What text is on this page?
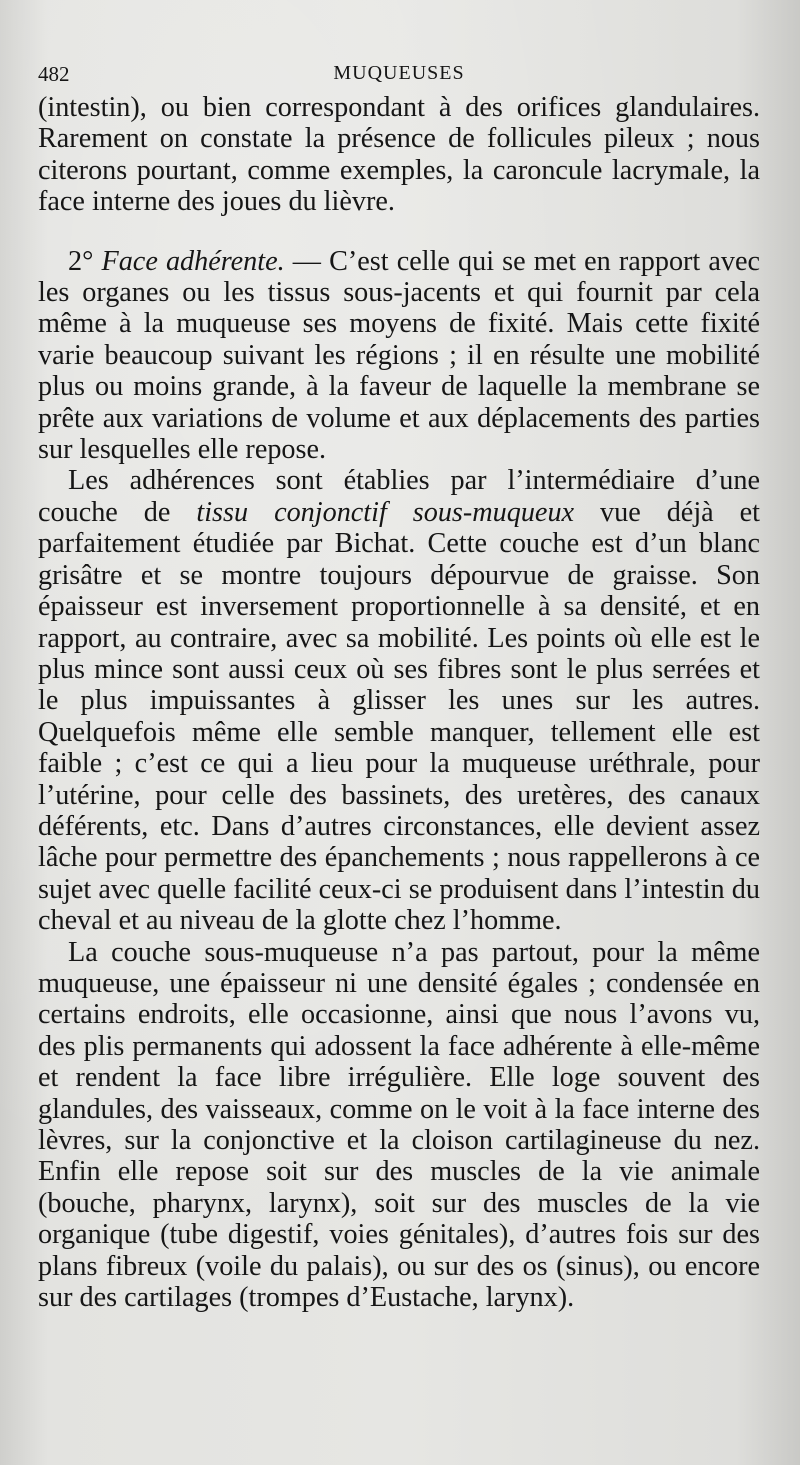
482	MUQUEUSES

(intestin), ou bien correspondant à des orifices glandulaires. Rarement on constate la présence de follicules pileux ; nous citerons pourtant, comme exemples, la caroncule lacrymale, la face interne des joues du lièvre.

2° Face adhérente. — C’est celle qui se met en rapport avec les organes ou les tissus sous-jacents et qui fournit par cela même à la muqueuse ses moyens de fixité. Mais cette fixité varie beaucoup suivant les régions ; il en résulte une mobilité plus ou moins grande, à la faveur de laquelle la membrane se prête aux variations de volume et aux déplacements des parties sur lesquelles elle repose.

Les adhérences sont établies par l’intermédiaire d’une couche de tissu conjonctif sous-muqueux vue déjà et parfaitement étudiée par Bichat. Cette couche est d’un blanc grisâtre et se montre toujours dépourvue de graisse. Son épaisseur est inversement proportionnelle à sa densité, et en rapport, au contraire, avec sa mobilité. Les points où elle est le plus mince sont aussi ceux où ses fibres sont le plus serrées et le plus impuissantes à glisser les unes sur les autres. Quelquefois même elle semble manquer, tellement elle est faible ; c’est ce qui a lieu pour la muqueuse uréthrale, pour l’utérine, pour celle des bassinets, des uretères, des canaux déférents, etc. Dans d’autres circonstances, elle devient assez lâche pour permettre des épanchements ; nous rappellerons à ce sujet avec quelle facilité ceux-ci se produisent dans l’intestin du cheval et au niveau de la glotte chez l’homme.

La couche sous-muqueuse n’a pas partout, pour la même muqueuse, une épaisseur ni une densité égales ; condensée en certains endroits, elle occasionne, ainsi que nous l’avons vu, des plis permanents qui adossent la face adhérente à elle-même et rendent la face libre irrégulière. Elle loge souvent des glandules, des vaisseaux, comme on le voit à la face interne des lèvres, sur la conjonctive et la cloison cartilagineuse du nez. Enfin elle repose soit sur des muscles de la vie animale (bouche, pharynx, larynx), soit sur des muscles de la vie organique (tube digestif, voies génitales), d’autres fois sur des plans fibreux (voile du palais), ou sur des os (sinus), ou encore sur des cartilages (trompes d’Eustache, larynx).
